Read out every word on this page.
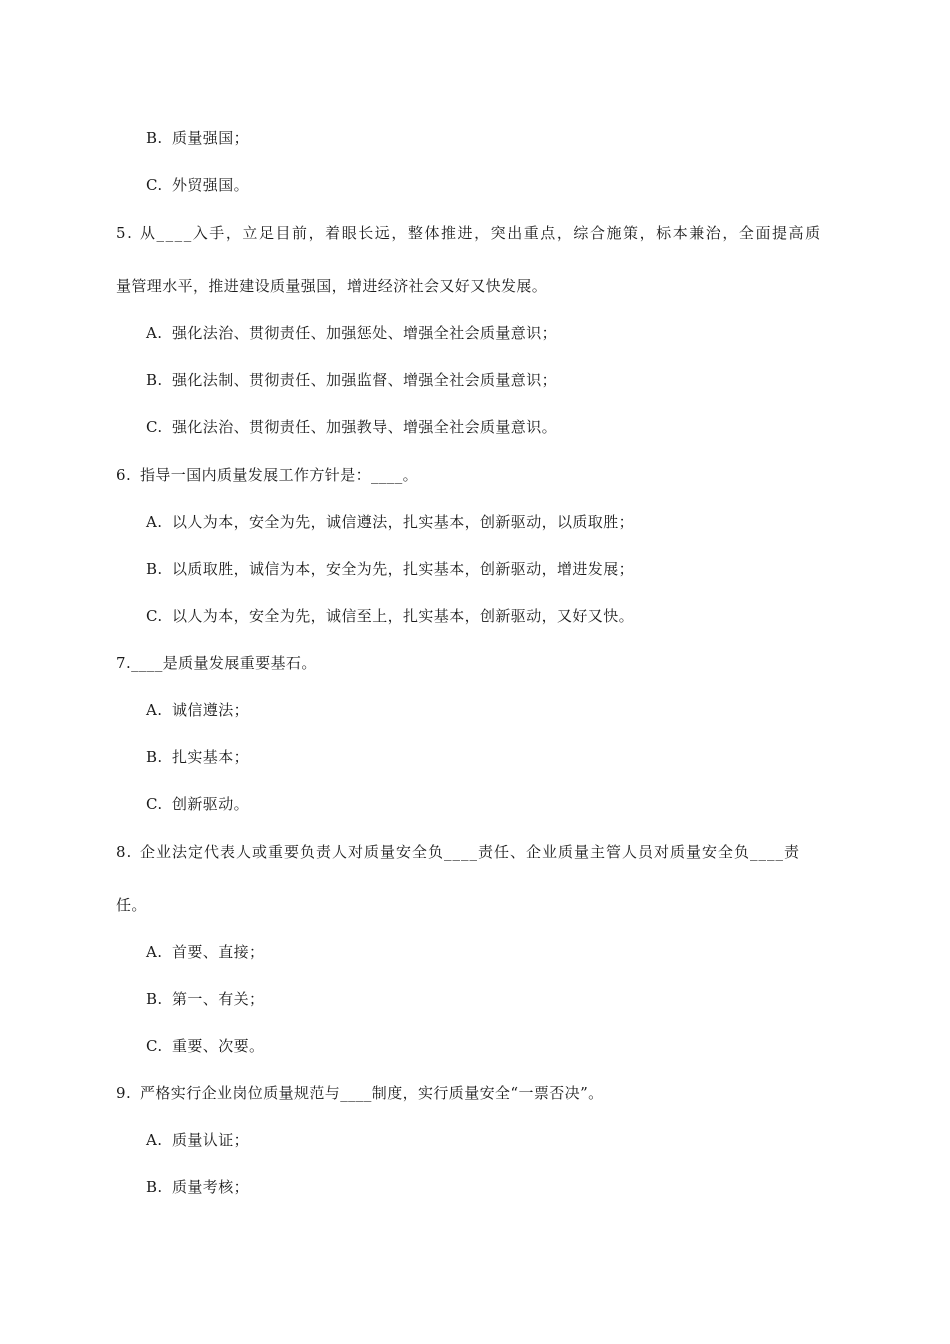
B. 质量强国；
C. 外贸强国。
5. 从____入手，立足目前，着眼长远，整体推进，突出重点，综合施策，标本兼治，全面提高质
量管理水平，推进建设质量强国，增进经济社会又好又快发展。
A. 强化法治、贯彻责任、加强惩处、增强全社会质量意识；
B. 强化法制、贯彻责任、加强监督、增强全社会质量意识；
C. 强化法治、贯彻责任、加强教导、增强全社会质量意识。
6. 指导一国内质量发展工作方针是：____。
A. 以人为本，安全为先，诚信遵法，扎实基本，创新驱动，以质取胜；
B. 以质取胜，诚信为本，安全为先，扎实基本，创新驱动，增进发展；
C. 以人为本，安全为先，诚信至上，扎实基本，创新驱动，又好又快。
7.____是质量发展重要基石。
A. 诚信遵法；
B. 扎实基本；
C. 创新驱动。
8. 企业法定代表人或重要负责人对质量安全负____责任、企业质量主管人员对质量安全负____责
任。
A. 首要、直接；
B. 第一、有关；
C. 重要、次要。
9. 严格实行企业岗位质量规范与____制度，实行质量安全“一票否决”。
A. 质量认证；
B. 质量考核；
